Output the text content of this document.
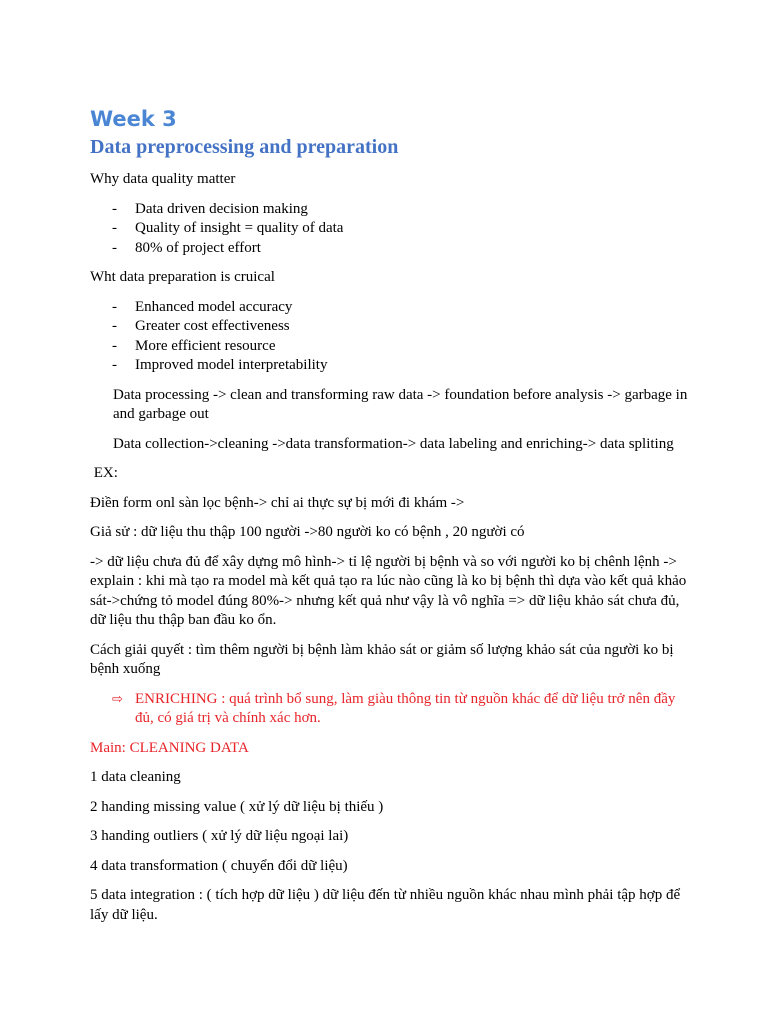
Week 3
Data preprocessing and preparation

Why data quality matter

- Data driven decision making
- Quality of insight = quality of data
- 80% of project effort

Wht data preparation is cruical

- Enhanced model accuracy
- Greater cost effectiveness
- More efficient resource
- Improved model interpretability

Data processing -> clean and transforming raw data -> foundation before analysis -> garbage in and garbage out

Data collection->cleaning ->data transformation-> data labeling and enriching-> data spliting

EX:

Điền form onl sàn lọc bệnh-> chỉ ai thực sự bị mới đi khám ->

Giả sử : dữ liệu thu thập 100 người ->80 người ko có bệnh , 20 người có

-> dữ liệu chưa đủ để xây dựng mô hình-> tỉ lệ người bị bệnh và so với người ko bị chênh lệnh -> explain : khi mà tạo ra model mà kết quả tạo ra lúc nào cũng là ko bị bệnh thì dựa vào kết quả khảo sát->chứng tỏ model đúng 80%-> nhưng kết quả như vậy là vô nghĩa => dữ liệu khảo sát chưa đủ, dữ liệu thu thập ban đầu ko ổn.

Cách giải quyết : tìm thêm người bị bệnh làm khảo sát or giảm số lượng khảo sát của người ko bị bệnh xuống

⇨ ENRICHING : quá trình bổ sung, làm giàu thông tin từ nguồn khác để dữ liệu trở nên đầy đủ, có giá trị và chính xác hơn.

Main: CLEANING DATA

1 data cleaning

2 handing missing value ( xử lý dữ liệu bị thiếu )

3 handing outliers ( xử lý dữ liệu ngoại lai)

4 data transformation ( chuyển đổi dữ liệu)

5 data integration : ( tích hợp dữ liệu ) dữ liệu đến từ nhiều nguồn khác nhau mình phải tập hợp để lấy dữ liệu.
